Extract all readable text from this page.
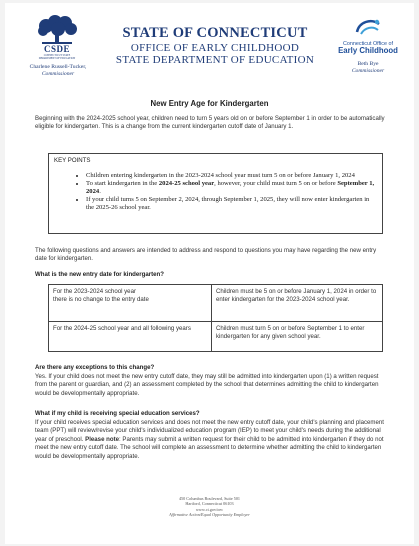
CSDE
CONNECTICUT STATE
DEPARTMENT OF EDUCATION
Charlene Russell-Tucker,
Commissioner
STATE OF CONNECTICUT
OFFICE OF EARLY CHILDHOOD
STATE DEPARTMENT OF EDUCATION
Connecticut Office of
Early Childhood
Beth Bye
Commissioner
New Entry Age for Kindergarten
Beginning with the 2024-2025 school year, children need to turn 5 years old on or before September 1 in order to be automatically eligible for kindergarten. This is a change from the current kindergarten cutoff date of January 1.
KEY POINTS
• Children entering kindergarten in the 2023-2024 school year must turn 5 on or before January 1, 2024
• To start kindergarten in the 2024-25 school year, however, your child must turn 5 on or before September 1, 2024.
• If your child turns 5 on September 2, 2024, through September 1, 2025, they will now enter kindergarten in the 2025-26 school year.
The following questions and answers are intended to address and respond to questions you may have regarding the new entry date for kindergarten.
What is the new entry date for kindergarten?
For the 2023-2024 school year
there is no change to the entry date	Children must be 5 on or before January 1, 2024 in order to enter kindergarten for the 2023-2024 school year.
For the 2024-25 school year and all following years	Children must turn 5 on or before September 1 to enter kindergarten for any given school year.
Are there any exceptions to this change?
Yes. If your child does not meet the new entry cutoff date, they may still be admitted into kindergarten upon (1) a written request from the parent or guardian, and (2) an assessment completed by the school that determines admitting the child to kindergarten would be developmentally appropriate.
What if my child is receiving special education services?
If your child receives special education services and does not meet the new entry cutoff date, your child's planning and placement team (PPT) will review/revise your child's individualized education program (IEP) to meet your child's needs during the additional year of preschool. Please note: Parents may submit a written request for their child to be admitted into kindergarten if they do not meet the new entry cutoff date. The school will complete an assessment to determine whether admitting the child to kindergarten would be developmentally appropriate.
450 Columbus Boulevard, Suite 501
Hartford, Connecticut 06103
www.ct.gov/oec
Affirmative Action/Equal Opportunity Employer
